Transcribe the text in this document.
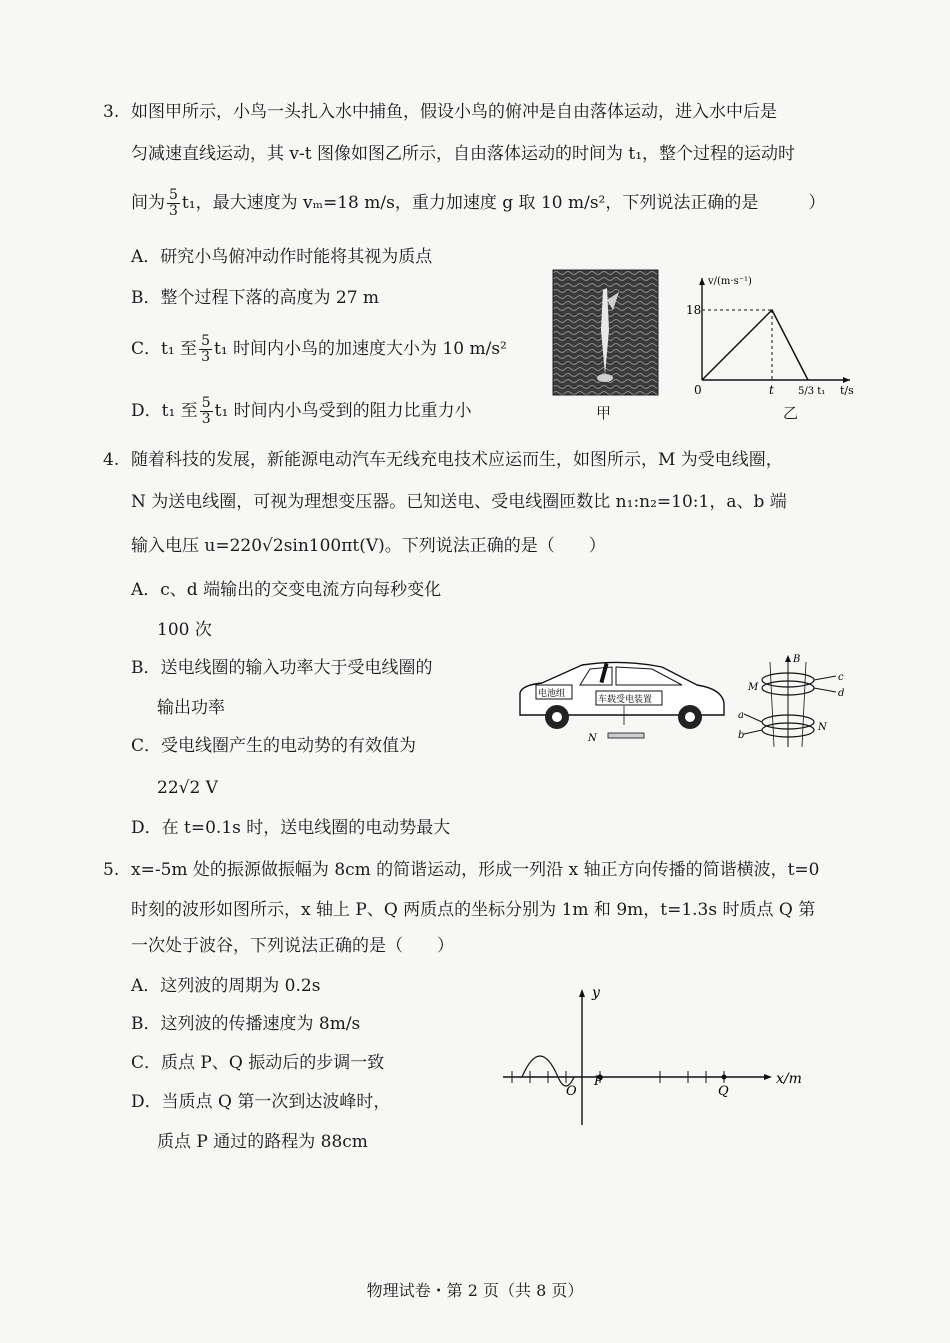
3. 如图甲所示，小鸟一头扎入水中捕鱼，假设小鸟的俯冲是自由落体运动，进入水中后是
匀减速直线运动，其 v-t 图像如图乙所示，自由落体运动的时间为 t₁，整个过程的运动时
间为 $\frac{5}{3} t_1$，最大速度为 vₘ=18 m/s，重力加速度 g 取 10 m/s²，下列说法正确的是	）
A．研究小鸟俯冲动作时能将其视为质点
B．整个过程下落的高度为 27 m
C．t₁ 至 $\frac{5}{3} t_1$ 时间内小鸟的加速度大小为 10 m/s²
D．t₁ 至 $\frac{5}{3} t_1$ 时间内小鸟受到的阻力比重力小	甲
v/(m·s⁻¹)
18
0	t 5/3 t₁ t/s
乙
4. 随着科技的发展，新能源电动汽车无线充电技术应运而生，如图所示，M 为受电线圈，
N 为送电线圈，可视为理想变压器。已知送电、受电线圈匝数比 n₁:n₂=10:1，a、b 端
输入电压 u=220√2sin100πt(V)。下列说法正确的是（　　）
A．c、d 端输出的交变电流方向每秒变化
100 次
B．送电线圈的输入功率大于受电线圈的
输出功率
C．受电线圈产生的电动势的有效值为
22√2 V
D．在 t=0.1s 时，送电线圈的电动势最大
电池组
车载受电装置
N
B
c
d
M
N
a
b
5. x=-5m 处的振源做振幅为 8cm 的简谐运动，形成一列沿 x 轴正方向传播的简谐横波，t=0
时刻的波形如图所示，x 轴上 P、Q 两质点的坐标分别为 1m 和 9m，t=1.3s 时质点 Q 第
一次处于波谷，下列说法正确的是（　　）
A．这列波的周期为 0.2s
B．这列波的传播速度为 8m/s
C．质点 P、Q 振动后的步调一致
D．当质点 Q 第一次到达波峰时，
质点 P 通过的路程为 88cm
y
x/m
O
P
Q
物理试卷・第 2 页（共 8 页）
